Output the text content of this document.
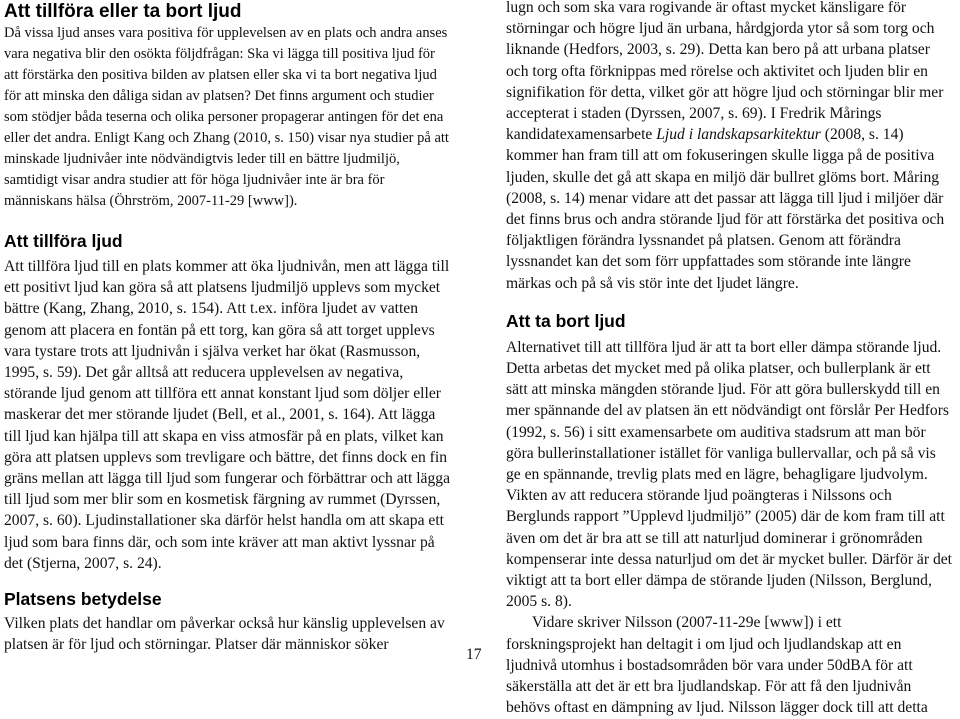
Att tillföra eller ta bort ljud

Då vissa ljud anses vara positiva för upplevelsen av en plats och andra anses vara negativa blir den osökta följdfrågan: Ska vi lägga till positiva ljud för att förstärka den positiva bilden av platsen eller ska vi ta bort negativa ljud för att minska den dåliga sidan av platsen? Det finns argument och studier som stödjer båda teserna och olika personer propagerar antingen för det ena eller det andra. Enligt Kang och Zhang (2010, s. 150) visar nya studier på att minskade ljudnivåer inte nödvändigtvis leder till en bättre ljudmiljö, samtidigt visar andra studier att för höga ljudnivåer inte är bra för människans hälsa (Öhrström, 2007-11-29 [www]).

Att tillföra ljud

Att tillföra ljud till en plats kommer att öka ljudnivån, men att lägga till ett positivt ljud kan göra så att platsens ljudmiljö upplevs som mycket bättre (Kang, Zhang, 2010, s. 154). Att t.ex. införa ljudet av vatten genom att placera en fontän på ett torg, kan göra så att torget upplevs vara tystare trots att ljudnivån i själva verket har ökat (Rasmusson, 1995, s. 59). Det går alltså att reducera upplevelsen av negativa, störande ljud genom att tillföra ett annat konstant ljud som döljer eller maskerar det mer störande ljudet (Bell, et al., 2001, s. 164). Att lägga till ljud kan hjälpa till att skapa en viss atmosfär på en plats, vilket kan göra att platsen upplevs som trevligare och bättre, det finns dock en fin gräns mellan att lägga till ljud som fungerar och förbättrar och att lägga till ljud som mer blir som en kosmetisk färgning av rummet (Dyrssen, 2007, s. 60). Ljudinstallationer ska därför helst handla om att skapa ett ljud som bara finns där, och som inte kräver att man aktivt lyssnar på det (Stjerna, 2007, s. 24).

Platsens betydelse

Vilken plats det handlar om påverkar också hur känslig upplevelsen av platsen är för ljud och störningar. Platser där människor söker

lugn och som ska vara rogivande är oftast mycket känsligare för störningar och högre ljud än urbana, hårdgjorda ytor så som torg och liknande (Hedfors, 2003, s. 29). Detta kan bero på att urbana platser och torg ofta förknippas med rörelse och aktivitet och ljuden blir en signifikation för detta, vilket gör att högre ljud och störningar blir mer accepterat i staden (Dyrssen, 2007, s. 69). I Fredrik Mårings kandidatexamensarbete Ljud i landskapsarkitektur (2008, s. 14) kommer han fram till att om fokuseringen skulle ligga på de positiva ljuden, skulle det gå att skapa en miljö där bullret glöms bort. Måring (2008, s. 14) menar vidare att det passar att lägga till ljud i miljöer där det finns brus och andra störande ljud för att förstärka det positiva och följaktligen förändra lyssnandet på platsen. Genom att förändra lyssnandet kan det som förr uppfattades som störande inte längre märkas och på så vis stör inte det ljudet längre.

Att ta bort ljud

Alternativet till att tillföra ljud är att ta bort eller dämpa störande ljud. Detta arbetas det mycket med på olika platser, och bullerplank är ett sätt att minska mängden störande ljud. För att göra bullerskydd till en mer spännande del av platsen än ett nödvändigt ont förslår Per Hedfors (1992, s. 56) i sitt examensarbete om auditiva stadsrum att man bör göra bullerinstallationer istället för vanliga bullervallar, och på så vis ge en spännande, trevlig plats med en lägre, behagligare ljudvolym. Vikten av att reducera störande ljud poängteras i Nilssons och Berglunds rapport ”Upplevd ljudmiljö” (2005) där de kom fram till att även om det är bra att se till att naturljud dominerar i grönområden kompenserar inte dessa naturljud om det är mycket buller. Därför är det viktigt att ta bort eller dämpa de störande ljuden (Nilsson, Berglund, 2005 s. 8).

Vidare skriver Nilsson (2007-11-29e [www]) i ett forskningsprojekt han deltagit i om ljud och ljudlandskap att en ljudnivå utomhus i bostadsområden bör vara under 50dBA för att säkerställa att det är ett bra ljudlandskap. För att få den ljudnivån behövs oftast en dämpning av ljud. Nilsson lägger dock till att detta

17
